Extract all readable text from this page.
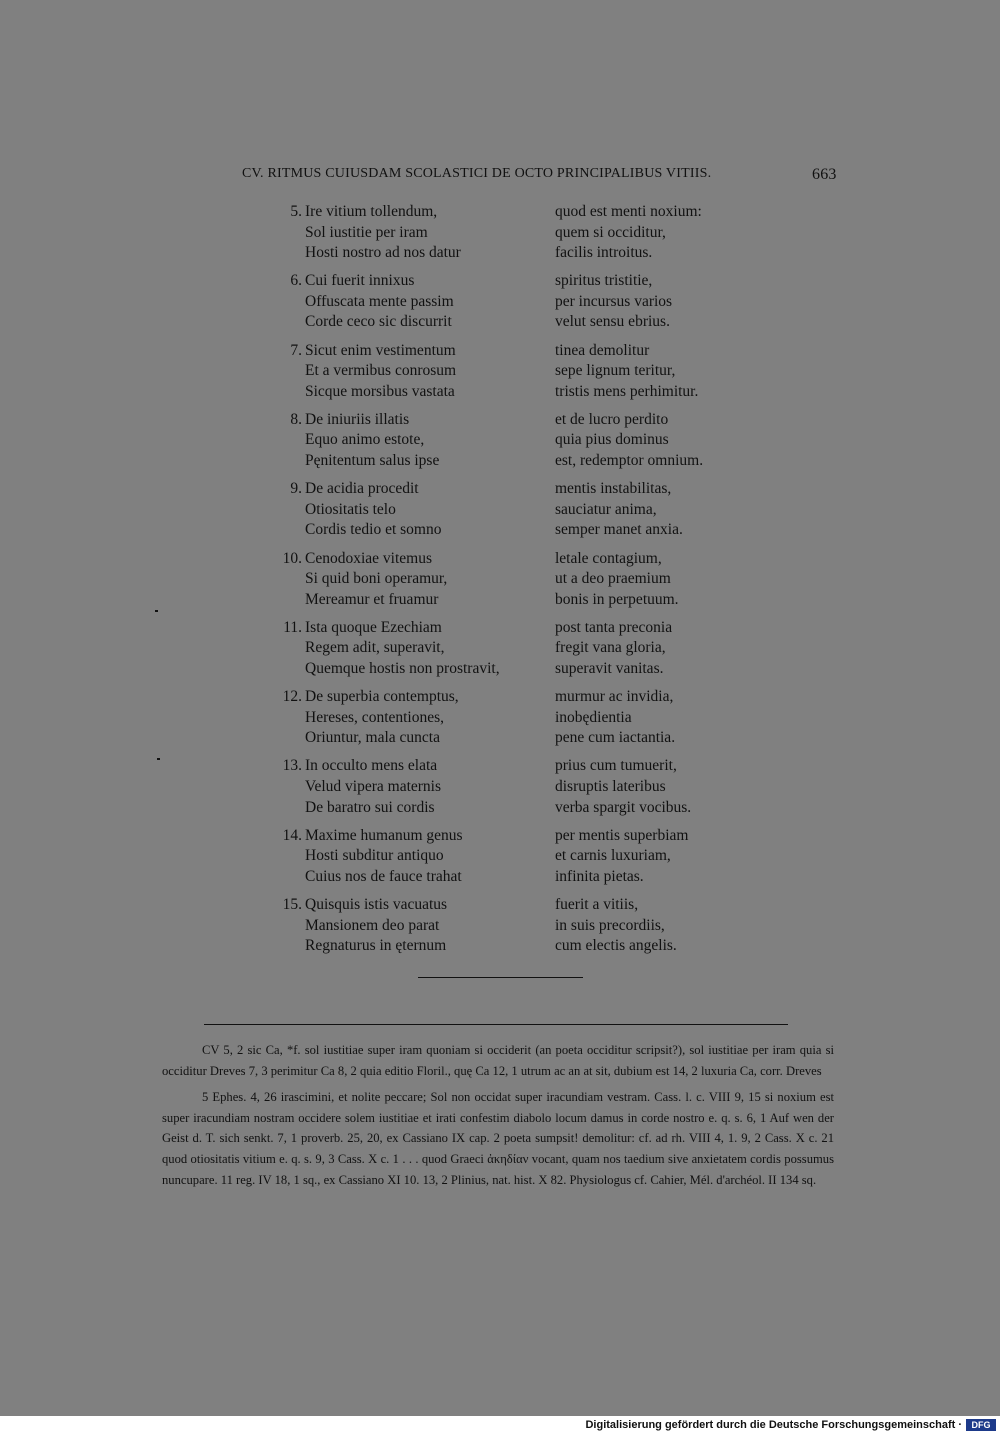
CV. RITMUS CUIUSDAM SCOLASTICI DE OCTO PRINCIPALIBUS VITIIS.	663
5. Ire vitium tollendum,
Sol iustitie per iram
Hosti nostro ad nos datur
quod est menti noxium:
quem si occiditur,
facilis introitus.
6. Cui fuerit innixus
Offuscata mente passim
Corde ceco sic discurrit
spiritus tristitie,
per incursus varios
velut sensu ebrius.
7. Sicut enim vestimentum
Et a vermibus conrosum
Sicque morsibus vastata
tinea demolitur
sepe lignum teritur,
tristis mens perhimitur.
8. De iniuriis illatis
Equo animo estote,
Pęnitentum salus ipse
et de lucro perdito
quia pius dominus
est, redemptor omnium.
9. De acidia procedit
Otiositatis telo
Cordis tedio et somno
mentis instabilitas,
sauciatur anima,
semper manet anxia.
10. Cenodoxiae vitemus
Si quid boni operamur,
Mereamur et fruamur
letale contagium,
ut a deo praemium
bonis in perpetuum.
11. Ista quoque Ezechiam
Regem adit, superavit,
Quemque hostis non prostravit,
post tanta preconia
fregit vana gloria,
superavit vanitas.
12. De superbia contemptus,
Hereses, contentiones,
Oriuntur, mala cuncta
murmur ac invidia,
inobędientia
pene cum iactantia.
13. In occulto mens elata
Velud vipera maternis
De baratro sui cordis
prius cum tumuerit,
disruptis lateribus
verba spargit vocibus.
14. Maxime humanum genus
Hosti subditur antiquo
Cuius nos de fauce trahat
per mentis superbiam
et carnis luxuriam,
infinita pietas.
15. Quisquis istis vacuatus
Mansionem deo parat
Regnaturus in ęternum
fuerit a vitiis,
in suis precordiis,
cum electis angelis.

CV 5, 2 sic Ca, *f. sol iustitiae super iram quoniam si occiderit (an poeta occiditur scripsit?), sol iustitiae per iram quia si occiditur Dreves 7, 3 perimitur Ca 8, 2 quia editio Floril., quę Ca 12, 1 utrum ac an at sit, dubium est 14, 2 luxuria Ca, corr. Dreves

5 Ephes. 4, 26 irascimini, et nolite peccare; Sol non occidat super iracundiam vestram. Cass. l. c. VIII 9, 15 si noxium est super iracundiam nostram occidere solem iustitiae et irati confestim diabolo locum damus in corde nostro e. q. s. 6, 1 Auf wen der Geist d. T. sich senkt. 7, 1 proverb. 25, 20, ex Cassiano IX cap. 2 poeta sumpsit! demolitur: cf. ad rh. VIII 4, 1. 9, 2 Cass. X c. 21 quod otiositatis vitium e. q. s. 9, 3 Cass. X c. 1 . . . quod Graeci ἀκηδίαν vocant, quam nos taedium sive anxietatem cordis possumus nuncupare. 11 reg. IV 18, 1 sq., ex Cassiano XI 10. 13, 2 Plinius, nat. hist. X 82. Physiologus cf. Cahier, Mél. d'archéol. II 134 sq.

Digitalisierung gefördert durch die Deutsche Forschungsgemeinschaft ·	DFG
